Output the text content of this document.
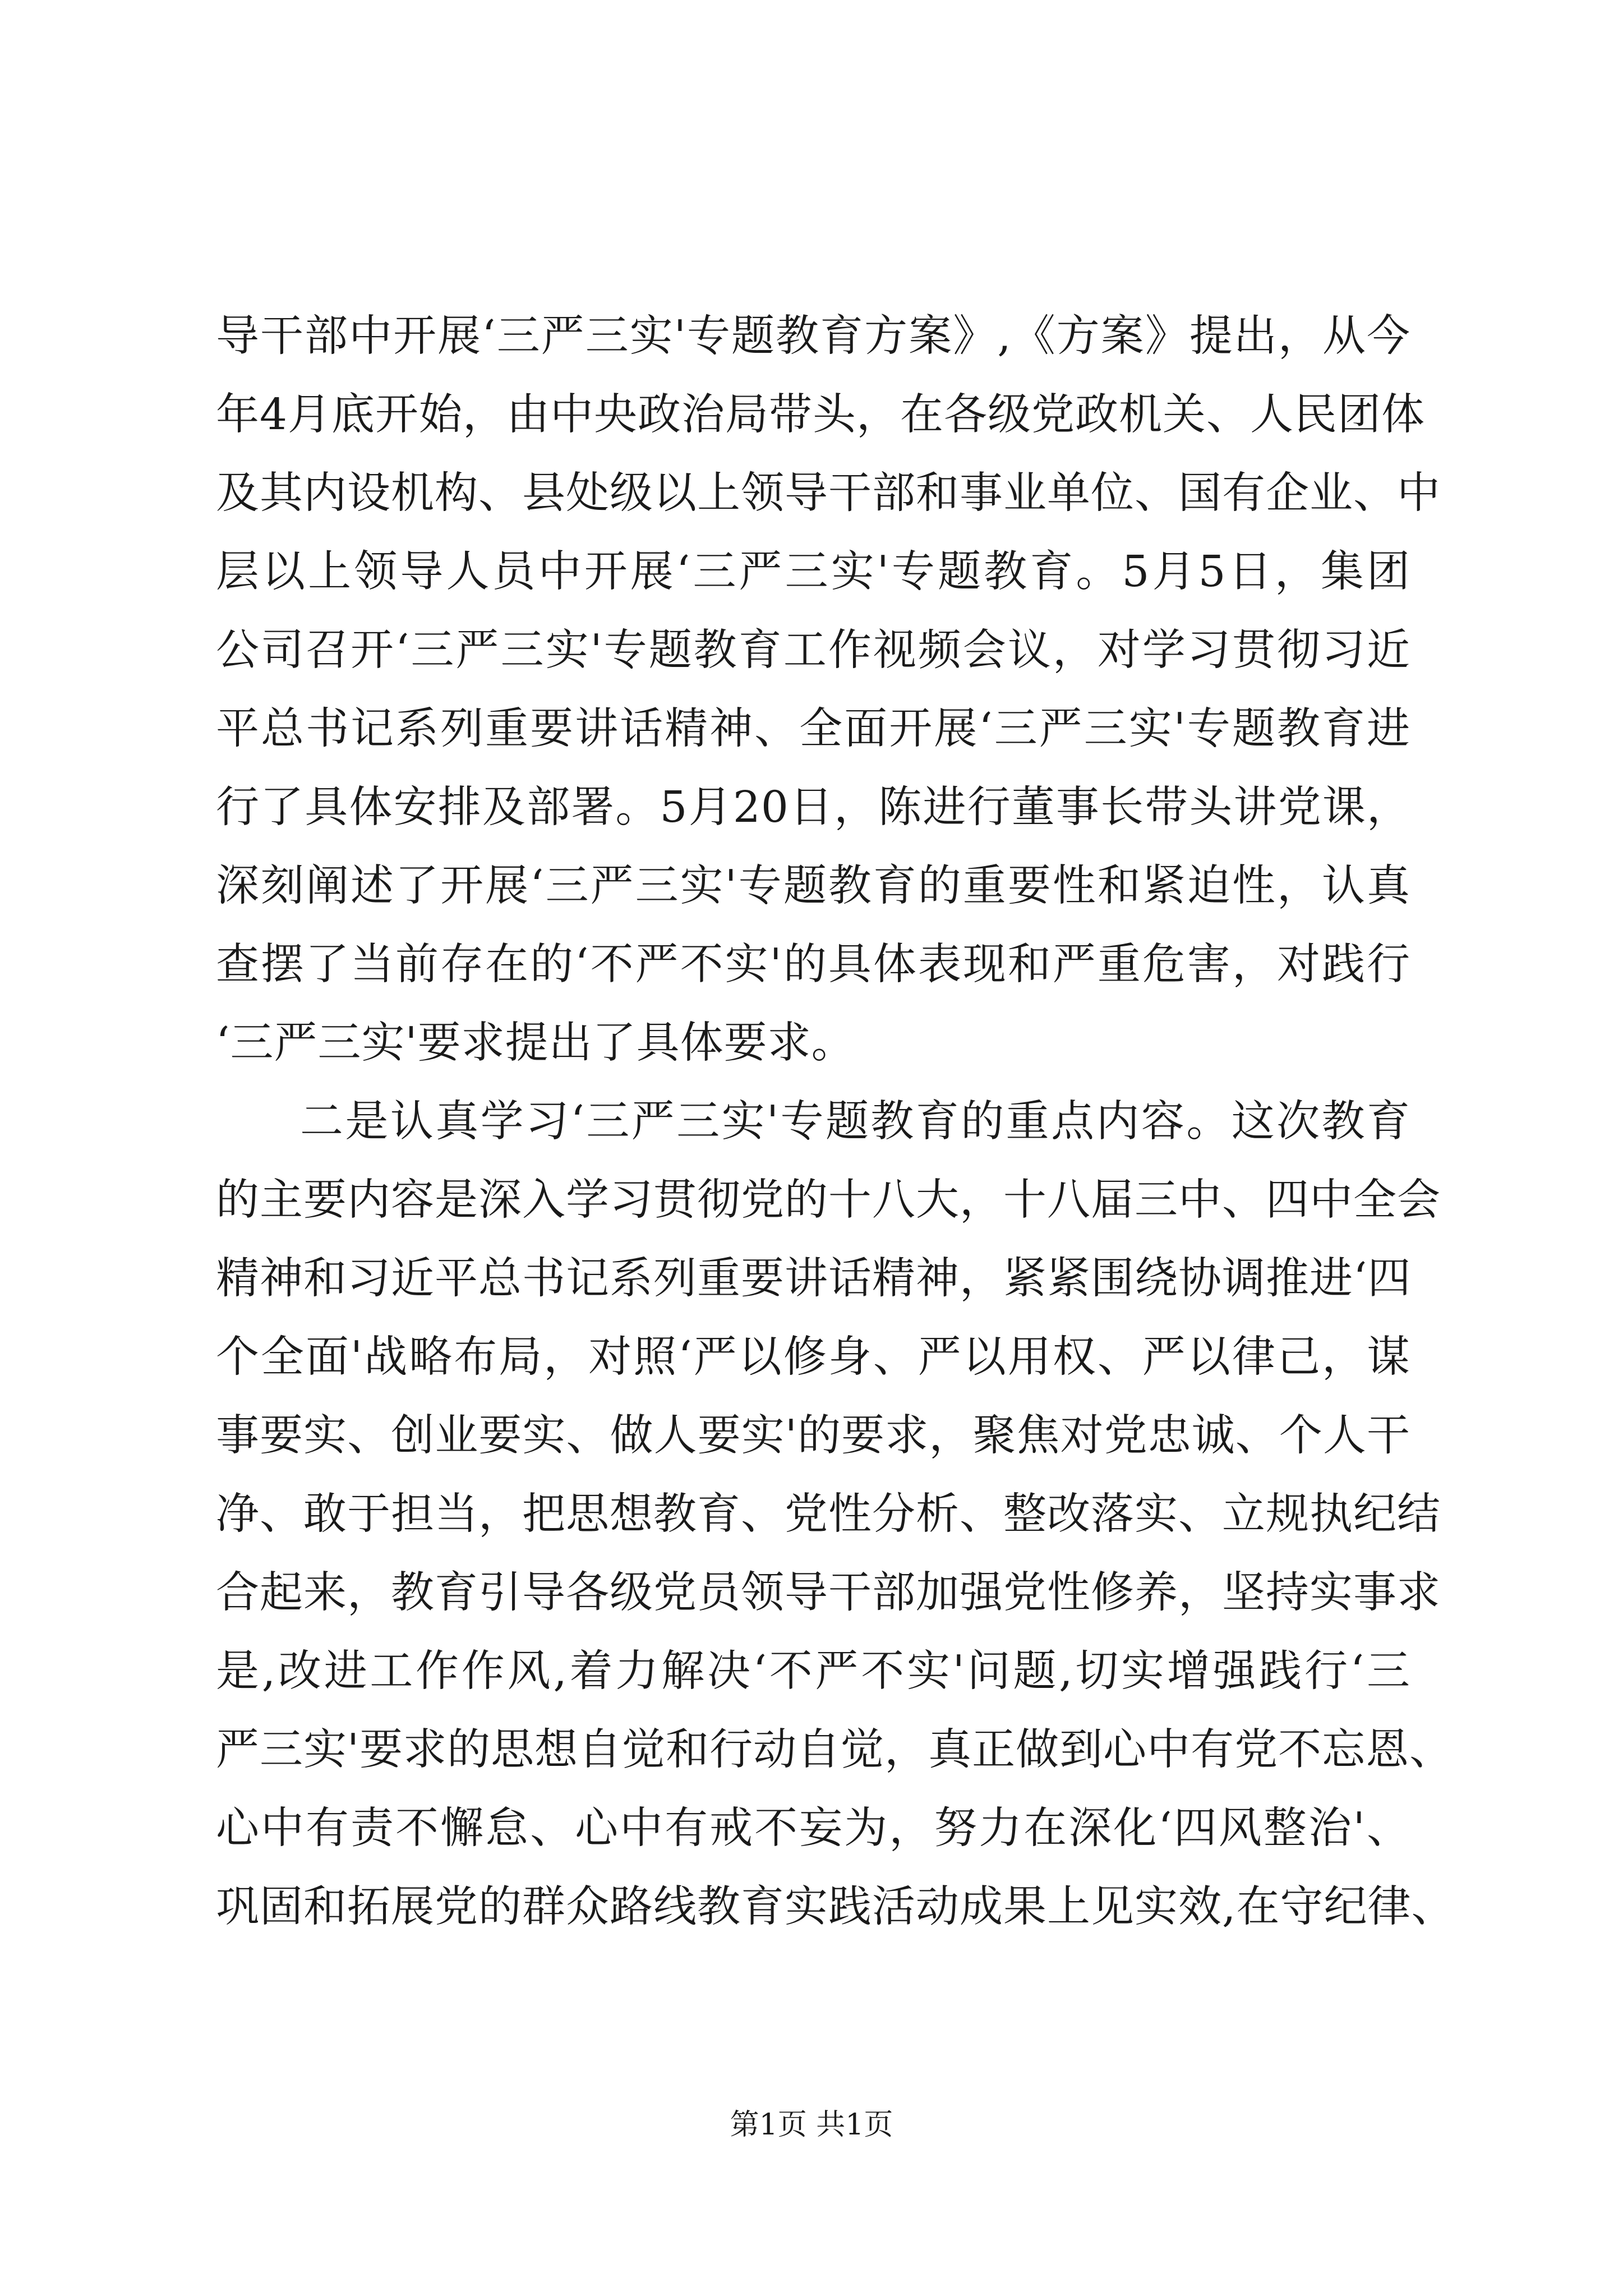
导干部中开展‘三严三实'专题教育方案》,《方案》提出，从今
年4月底开始，由中央政治局带头，在各级党政机关、人民团体
及其内设机构、县处级以上领导干部和事业单位、国有企业、中
层以上领导人员中开展‘三严三实'专题教育。5月5日，集团
公司召开‘三严三实'专题教育工作视频会议，对学习贯彻习近
平总书记系列重要讲话精神、全面开展‘三严三实'专题教育进
行了具体安排及部署。5月20日，陈进行董事长带头讲党课，
深刻阐述了开展‘三严三实'专题教育的重要性和紧迫性，认真
查摆了当前存在的‘不严不实'的具体表现和严重危害，对践行
‘三严三实'要求提出了具体要求。
二是认真学习‘三严三实'专题教育的重点内容。这次教育
的主要内容是深入学习贯彻党的十八大，十八届三中、四中全会
精神和习近平总书记系列重要讲话精神，紧紧围绕协调推进‘四
个全面'战略布局，对照‘严以修身、严以用权、严以律己，谋
事要实、创业要实、做人要实'的要求，聚焦对党忠诚、个人干
净、敢于担当，把思想教育、党性分析、整改落实、立规执纪结
合起来，教育引导各级党员领导干部加强党性修养，坚持实事求
是,改进工作作风,着力解决‘不严不实'问题,切实增强践行‘三
严三实'要求的思想自觉和行动自觉，真正做到心中有党不忘恩、
心中有责不懈怠、心中有戒不妄为，努力在深化‘四风整治'、
巩固和拓展党的群众路线教育实践活动成果上见实效,在守纪律、
第1页 共1页
